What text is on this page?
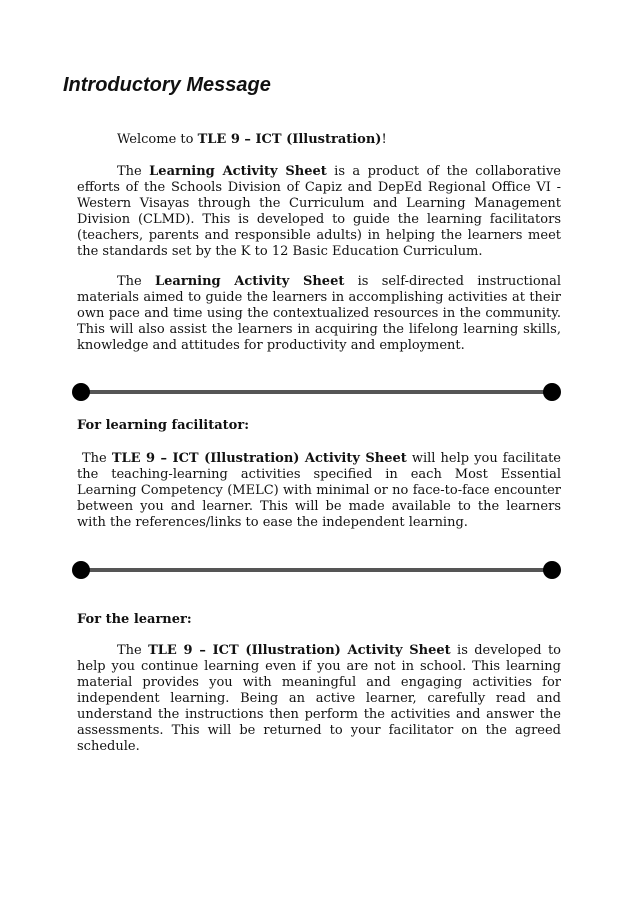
Introductory Message

Welcome to TLE 9 – ICT (Illustration)!

The Learning Activity Sheet is a product of the collaborative efforts of the Schools Division of Capiz and DepEd Regional Office VI - Western Visayas through the Curriculum and Learning Management Division (CLMD). This is developed to guide the learning facilitators (teachers, parents and responsible adults) in helping the learners meet the standards set by the K to 12 Basic Education Curriculum.

The Learning Activity Sheet is self-directed instructional materials aimed to guide the learners in accomplishing activities at their own pace and time using the contextualized resources in the community. This will also assist the learners in acquiring the lifelong learning skills, knowledge and attitudes for productivity and employment.

For learning facilitator:

The TLE 9 – ICT (Illustration) Activity Sheet will help you facilitate the teaching-learning activities specified in each Most Essential Learning Competency (MELC) with minimal or no face-to-face encounter between you and learner. This will be made available to the learners with the references/links to ease the independent learning.

For the learner:

The TLE 9 – ICT (Illustration) Activity Sheet is developed to help you continue learning even if you are not in school. This learning material provides you with meaningful and engaging activities for independent learning. Being an active learner, carefully read and understand the instructions then perform the activities and answer the assessments. This will be returned to your facilitator on the agreed schedule.
